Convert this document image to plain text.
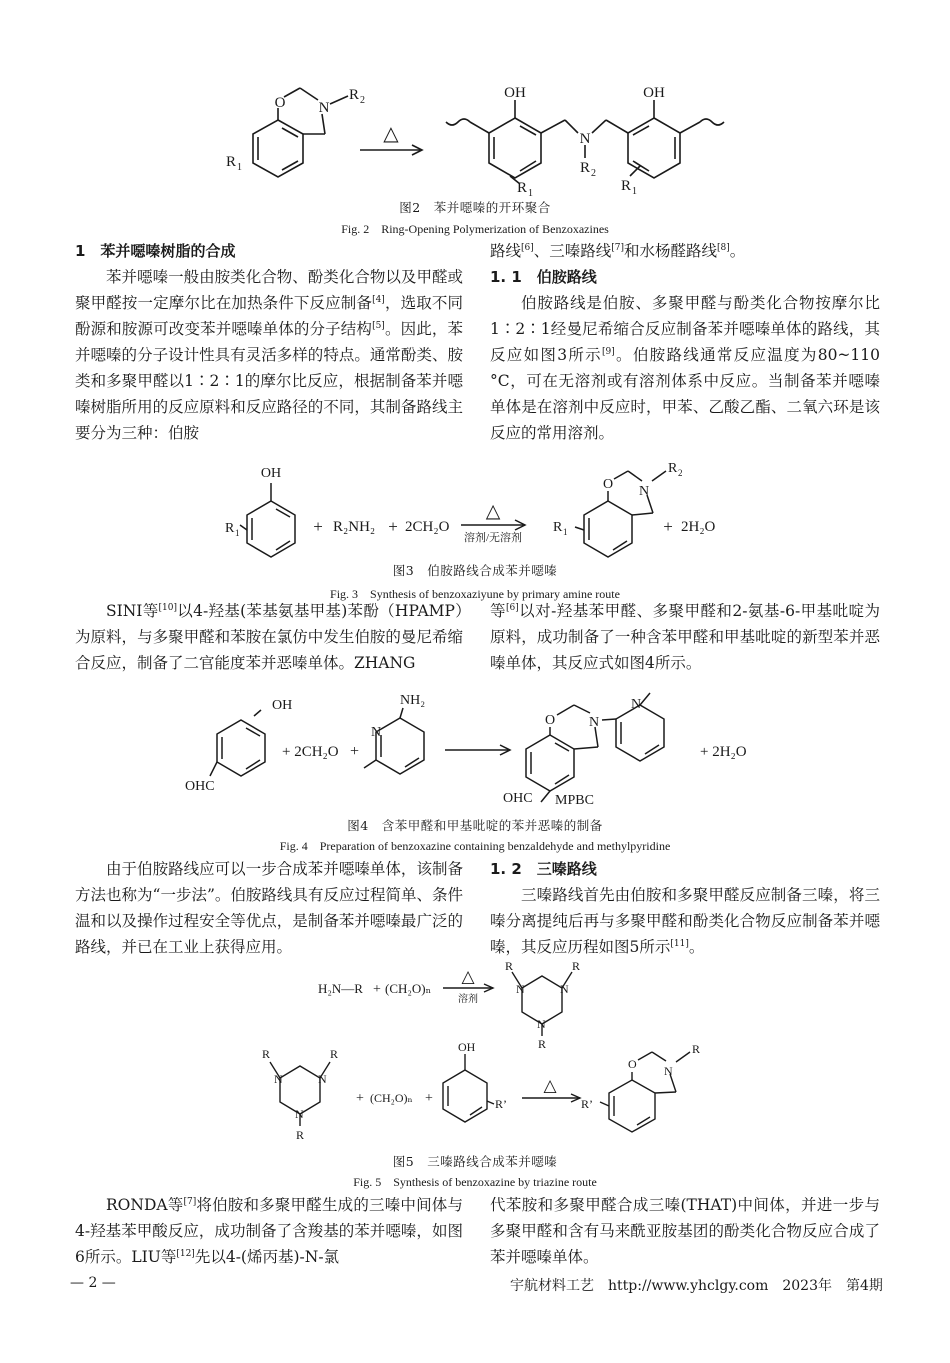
O N
R 2
R 1
△
OH	OH
N
R 2
R 1	R 1
图2　苯并噁嗪的开环聚合
Fig. 2　Ring-Opening Polymerization of Benzoxazines
1　苯并噁嗪树脂的合成

苯并噁嗪一般由胺类化合物、酚类化合物以及甲醛或聚甲醛按一定摩尔比在加热条件下反应制备[4]，选取不同酚源和胺源可改变苯并噁嗪单体的分子结构[5]。因此，苯并噁嗪的分子设计性具有灵活多样的特点。通常酚类、胺类和多聚甲醛以1∶2∶1的摩尔比反应，根据制备苯并噁嗪树脂所用的反应原料和反应路径的不同，其制备路线主要分为三种：伯胺

路线[6]、三嗪路线[7]和水杨醛路线[8]。

1. 1　伯胺路线

伯胺路线是伯胺、多聚甲醛与酚类化合物按摩尔比1∶2∶1经曼尼希缩合反应制备苯并噁嗪单体的路线，其反应如图3所示[9]。伯胺路线通常反应温度为80~110 °C，可在无溶剂或有溶剂体系中反应。当制备苯并噁嗪单体是在溶剂中反应时，甲苯、乙酸乙酯、二氧六环是该反应的常用溶剂。

OH
R 1	+ R₂NH₂ + 2CH₂O
△
溶剂/无溶剂
O N
R 2
R 1	+ 2H₂O
图3　伯胺路线合成苯并噁嗪
Fig. 3　Synthesis of benzoxaziyune by primary amine route

SINI等[10]以4-羟基(苯基氨基甲基)苯酚（HPAMP）为原料，与多聚甲醛和苯胺在氯仿中发生伯胺的曼尼希缩合反应，制备了二官能度苯并恶嗪单体。ZHANG

等[6]以对-羟基苯甲醛、多聚甲醛和2-氨基-6-甲基吡啶为原料，成功制备了一种含苯甲醛和甲基吡啶的新型苯并恶嗪单体，其反应式如图4所示。

OH
OHC
+ 2CH₂O +
NH₂
N
O N
N
OHC MPBC
+ 2H₂O
图4　含苯甲醛和甲基吡啶的苯并恶嗪的制备
Fig. 4　Preparation of benzoxazine containing benzaldehyde and methylpyridine

由于伯胺路线应可以一步合成苯并噁嗪单体，该制备方法也称为“一步法”。伯胺路线具有反应过程简单、条件温和以及操作过程安全等优点，是制备苯并噁嗪最广泛的路线，并已在工业上获得应用。

1. 2　三嗪路线

三嗪路线首先由伯胺和多聚甲醛反应制备三嗪，将三嗪分离提纯后再与多聚甲醛和酚类化合物反应制备苯并噁嗪，其反应历程如图5所示[11]。

H₂N—R + (CH₂O)ₙ
△
溶剂
R	R
R
N	N
N
R	R
R
N	N
N
+ (CH₂O)ₙ +
OH
R’
△
O N
R
R’
图5　三嗪路线合成苯并噁嗪
Fig. 5　Synthesis of benzoxazine by triazine route

RONDA等[7]将伯胺和多聚甲醛生成的三嗪中间体与4-羟基苯甲酸反应，成功制备了含羧基的苯并噁嗪，如图6所示。LIU等[12]先以4-(烯丙基)-N-氯

代苯胺和多聚甲醛合成三嗪(THAT)中间体，并进一步与多聚甲醛和含有马来酰亚胺基团的酚类化合物反应合成了苯并噁嗪单体。

— 2 —	宇航材料工艺　http://www.yhclgy.com　2023年　第4期
